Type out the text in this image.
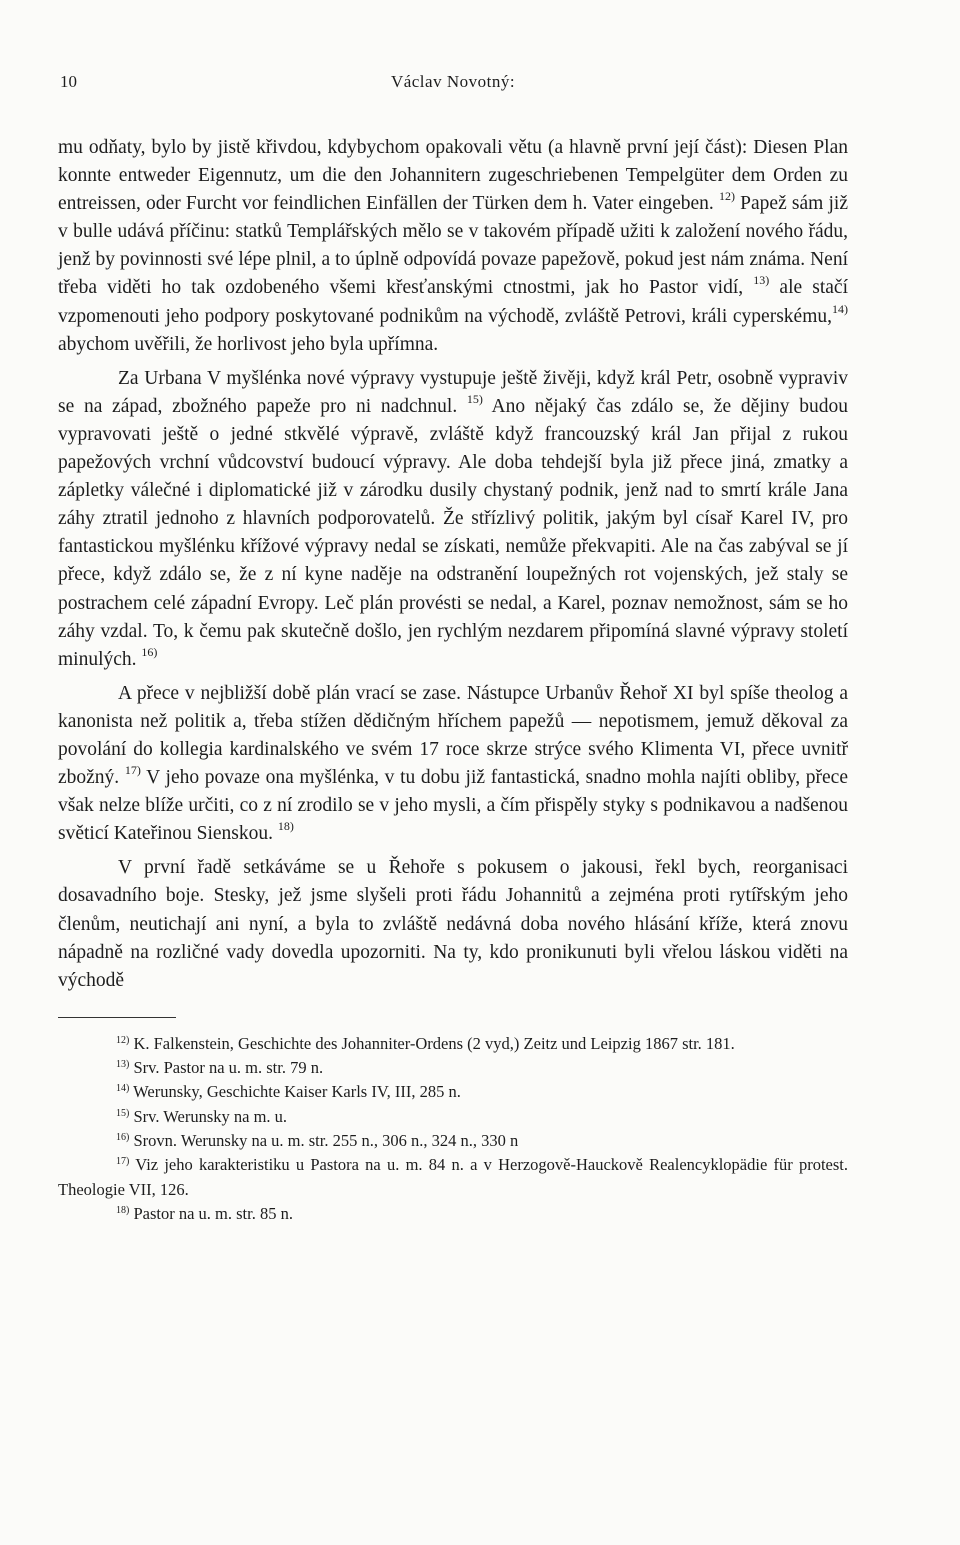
10	Václav Novotný:

mu odňaty, bylo by jistě křivdou, kdybychom opakovali větu (a hlavně první její část): Diesen Plan konnte entweder Eigennutz, um die den Johannitern zugeschriebenen Tempelgüter dem Orden zu entreissen, oder Furcht vor feindlichen Einfällen der Türken dem h. Vater eingeben. $^{12)}$ Papež sám již v bulle udává příčinu: statků Templářských mělo se v takovém případě užiti k založení nového řádu, jenž by povinnosti své lépe plnil, a to úplně odpovídá povaze papežově, pokud jest nám známa. Není třeba viděti ho tak ozdobeného všemi křesťanskými ctnostmi, jak ho Pastor vidí, $^{13)}$ ale stačí vzpomenouti jeho podpory poskytované podnikům na východě, zvláště Petrovi, králi cyperskému,$^{14)}$ abychom uvěřili, že horlivost jeho byla upřímna.

Za Urbana V myšlénka nové výpravy vystupuje ještě živěji, když král Petr, osobně vypraviv se na západ, zbožného papeže pro ni nadchnul. $^{15)}$ Ano nějaký čas zdálo se, že dějiny budou vypravovati ještě o jedné stkvělé výpravě, zvláště když francouzský král Jan přijal z rukou papežových vrchní vůdcovství budoucí výpravy. Ale doba tehdejší byla již přece jiná, zmatky a zápletky válečné i diplomatické již v zárodku dusily chystaný podnik, jenž nad to smrtí krále Jana záhy ztratil jednoho z hlavních podporovatelů. Že střízlivý politik, jakým byl císař Karel IV, pro fantastickou myšlénku křížové výpravy nedal se získati, nemůže překvapiti. Ale na čas zabýval se jí přece, když zdálo se, že z ní kyne naděje na odstranění loupežných rot vojenských, jež staly se postrachem celé západní Evropy. Leč plán provésti se nedal, a Karel, poznav nemožnost, sám se ho záhy vzdal. To, k čemu pak skutečně došlo, jen rychlým nezdarem připomíná slavné výpravy století minulých. $^{16)}$

A přece v nejbližší době plán vrací se zase. Nástupce Urbanův Řehoř XI byl spíše theolog a kanonista než politik a, třeba stížen dědičným hříchem papežů — nepotismem, jemuž děkoval za povolání do kollegia kardinalského ve svém 17 roce skrze strýce svého Klimenta VI, přece uvnitř zbožný. $^{17)}$ V jeho povaze ona myšlénka, v tu dobu již fantastická, snadno mohla najíti obliby, přece však nelze blíže určiti, co z ní zrodilo se v jeho mysli, a čím přispěly styky s podnikavou a nadšenou světicí Kateřinou Sienskou. $^{18)}$

V první řadě setkáváme se u Řehoře s pokusem o jakousi, řekl bych, reorganisaci dosavadního boje. Stesky, jež jsme slyšeli proti řádu Johannitů a zejména proti rytířským jeho členům, neutichají ani nyní, a byla to zvláště nedávná doba nového hlásání kříže, která znovu nápadně na rozličné vady dovedla upozorniti. Na ty, kdo pronikunuti byli vřelou láskou viděti na východě

$^{12)}$ K. Falkenstein, Geschichte des Johanniter-Ordens (2 vyd,) Zeitz und Leipzig 1867 str. 181.
$^{13)}$ Srv. Pastor na u. m. str. 79 n.
$^{14)}$ Werunsky, Geschichte Kaiser Karls IV, III, 285 n.
$^{15)}$ Srv. Werunsky na m. u.
$^{16)}$ Srovn. Werunsky na u. m. str. 255 n., 306 n., 324 n., 330 n
$^{17)}$ Viz jeho karakteristiku u Pastora na u. m. 84 n. a v Herzogově-Hauckově Realencyklopädie für protest. Theologie VII, 126.
$^{18)}$ Pastor na u. m. str. 85 n.
